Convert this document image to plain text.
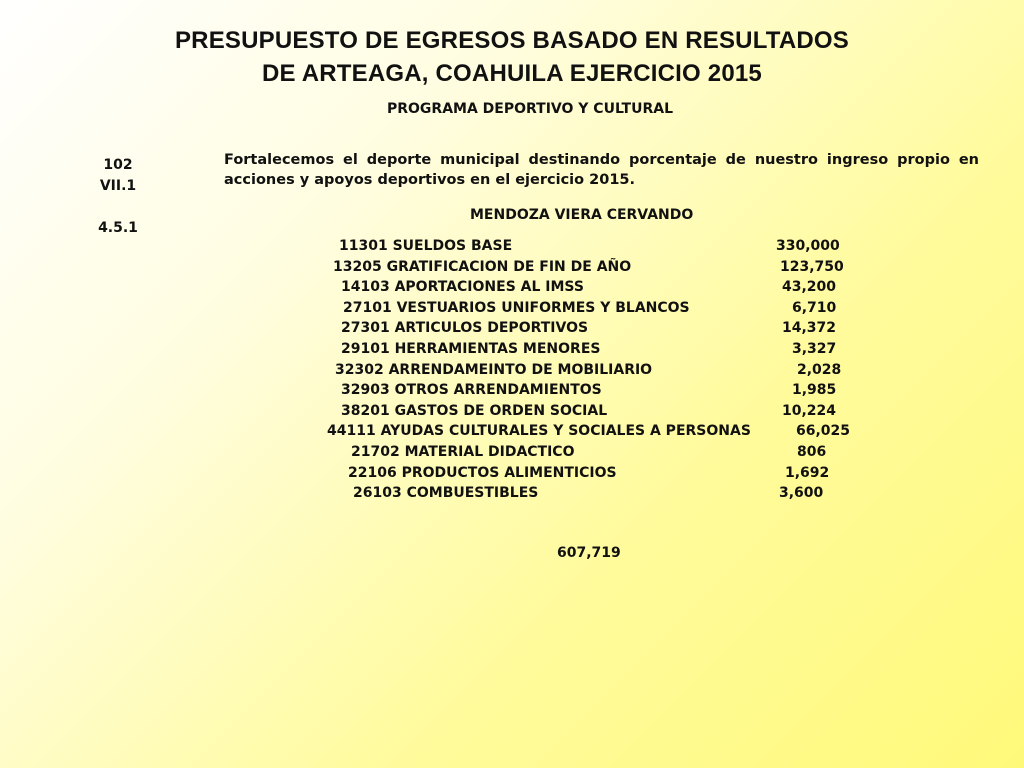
PRESUPUESTO DE EGRESOS BASADO EN RESULTADOS
DE ARTEAGA, COAHUILA EJERCICIO 2015
PROGRAMA DEPORTIVO Y CULTURAL
102
VII.1
4.5.1
Fortalecemos el deporte municipal destinando porcentaje de nuestro ingreso propio en acciones y apoyos deportivos en el ejercicio 2015.
MENDOZA VIERA CERVANDO
11301 SUELDOS BASE	330,000
13205 GRATIFICACION DE FIN DE AÑO	123,750
14103 APORTACIONES AL IMSS	43,200
27101 VESTUARIOS UNIFORMES Y BLANCOS	6,710
27301 ARTICULOS DEPORTIVOS	14,372
29101 HERRAMIENTAS MENORES	3,327
32302 ARRENDAMEINTO DE MOBILIARIO	2,028
32903 OTROS ARRENDAMIENTOS	1,985
38201 GASTOS DE ORDEN SOCIAL	10,224
44111 AYUDAS CULTURALES Y SOCIALES A PERSONAS	66,025
21702 MATERIAL DIDACTICO	806
22106 PRODUCTOS ALIMENTICIOS	1,692
26103 COMBUESTIBLES	3,600
607,719
